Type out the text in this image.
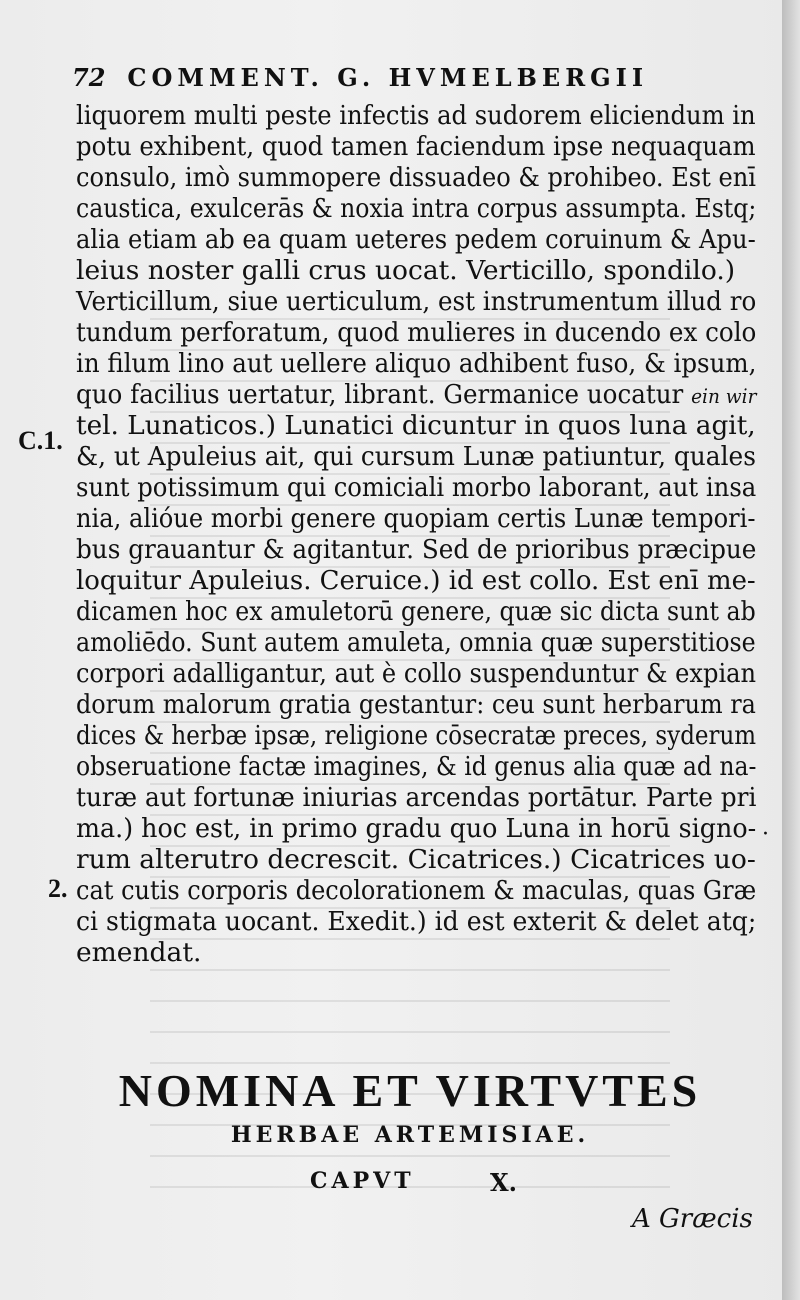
72 COMMENT. G. HVMELBERGII
liquorem multi peste infectis ad sudorem eliciendum in
potu exhibent, quod tamen faciendum ipse nequaquam
consulo, imò summopere dissuadeo & prohibeo. Est enī
caustica, exulcerās & noxia intra corpus assumpta. Estq;
alia etiam ab ea quam ueteres pedem coruinum & Apu-
leius noster galli crus uocat. Verticillo, spondilo.)
Verticillum, siue uerticulum, est instrumentum illud ro
tundum perforatum, quod mulieres in ducendo ex colo
in filum lino aut uellere aliquo adhibent fuso, & ipsum,
quo facilius uertatur, librant. Germanice uocatur ein wir
tel. Lunaticos.) Lunatici dicuntur in quos luna agit,
&, ut Apuleius ait, qui cursum Lunæ patiuntur, quales
sunt potissimum qui comiciali morbo laborant, aut insa
nia, alióue morbi genere quopiam certis Lunæ tempori-
bus grauantur & agitantur. Sed de prioribus præcipue
loquitur Apuleius. Ceruice.) id est collo. Est enī me-
dicamen hoc ex amuletorū genere, quæ sic dicta sunt ab
amoliēdo. Sunt autem amuleta, omnia quæ superstitiose
corpori adalligantur, aut è collo suspenduntur & expian
dorum malorum gratia gestantur: ceu sunt herbarum ra
dices & herbæ ipsæ, religione cōsecratæ preces, syderum
obseruatione factæ imagines, & id genus alia quæ ad na-
turæ aut fortunæ iniurias arcendas portātur. Parte pri
ma.) hoc est, in primo gradu quo Luna in horū signo-
rum alterutro decrescit. Cicatrices.) Cicatrices uo-
cat cutis corporis decolorationem & maculas, quas Græ
ci stigmata uocant. Exedit.) id est exterit & delet atq;
emendat.
C.1.
2.
·
NOMINA ET VIRTVTES
HERBAE ARTEMISIAE.
CAPVT	X.
A Græcis
